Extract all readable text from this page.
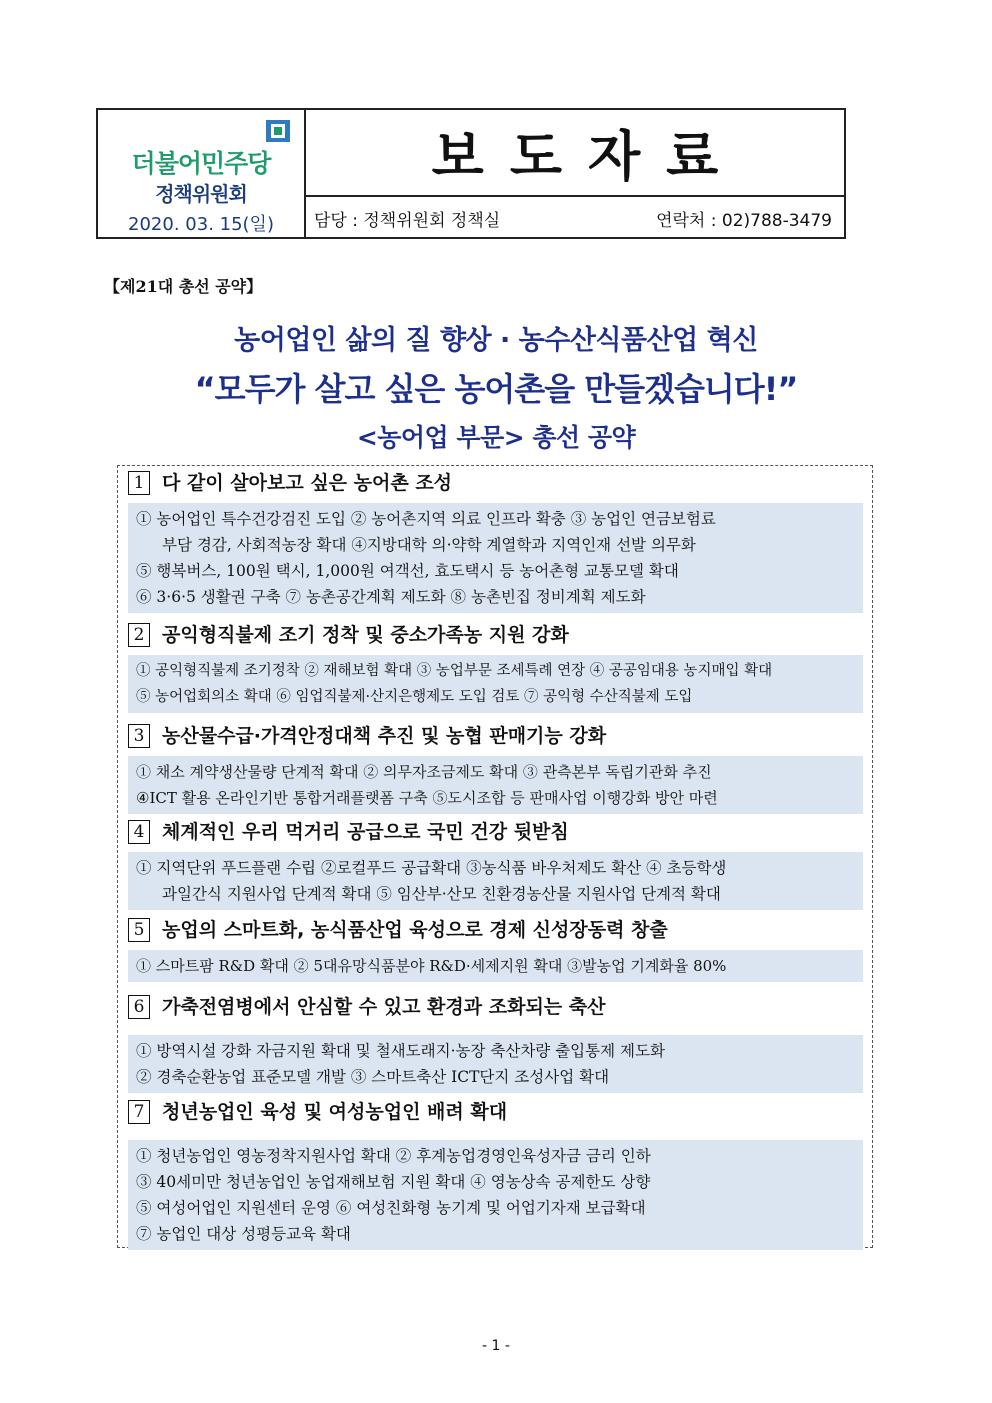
더불어민주당
정책위원회
2020. 03. 15(일)
보도자료
담당 : 정책위원회 정책실	연락처 : 02)788-3479
【제21대 총선 공약】
농어업인 삶의 질 향상 · 농수산식품산업 혁신
“모두가 살고 싶은 농어촌을 만들겠습니다!”
<농어업 부문> 총선 공약
1 다 같이 살아보고 싶은 농어촌 조성
① 농어업인 특수건강검진 도입 ② 농어촌지역 의료 인프라 확충 ③ 농업인 연금보험료
부담 경감, 사회적농장 확대 ④지방대학 의·약학 계열학과 지역인재 선발 의무화
⑤ 행복버스, 100원 택시, 1,000원 여객선, 효도택시 등 농어촌형 교통모델 확대
⑥ 3·6·5 생활권 구축 ⑦ 농촌공간계획 제도화 ⑧ 농촌빈집 정비계획 제도화
2 공익형직불제 조기 정착 및 중소가족농 지원 강화
① 공익형직불제 조기정착 ② 재해보험 확대 ③ 농업부문 조세특례 연장 ④ 공공임대용 농지매입 확대
⑤ 농어업회의소 확대 ⑥ 임업직불제·산지은행제도 도입 검토 ⑦ 공익형 수산직불제 도입
3 농산물수급·가격안정대책 추진 및 농협 판매기능 강화
① 채소 계약생산물량 단계적 확대 ② 의무자조금제도 확대 ③ 관측본부 독립기관화 추진
④ICT 활용 온라인기반 통합거래플랫폼 구축 ⑤도시조합 등 판매사업 이행강화 방안 마련
4 체계적인 우리 먹거리 공급으로 국민 건강 뒷받침
① 지역단위 푸드플랜 수립 ②로컬푸드 공급확대 ③농식품 바우처제도 확산 ④ 초등학생
과일간식 지원사업 단계적 확대 ⑤ 임산부·산모 친환경농산물 지원사업 단계적 확대
5 농업의 스마트화, 농식품산업 육성으로 경제 신성장동력 창출
① 스마트팜 R&D 확대 ② 5대유망식품분야 R&D·세제지원 확대 ③발농업 기계화율 80%
6 가축전염병에서 안심할 수 있고 환경과 조화되는 축산
① 방역시설 강화 자금지원 확대 및 철새도래지·농장 축산차량 출입통제 제도화
② 경축순환농업 표준모델 개발 ③ 스마트축산 ICT단지 조성사업 확대
7 청년농업인 육성 및 여성농업인 배려 확대
① 청년농업인 영농정착지원사업 확대 ② 후계농업경영인육성자금 금리 인하
③ 40세미만 청년농업인 농업재해보험 지원 확대 ④ 영농상속 공제한도 상향
⑤ 여성어업인 지원센터 운영 ⑥ 여성친화형 농기계 및 어업기자재 보급확대
⑦ 농업인 대상 성평등교육 확대
- 1 -
